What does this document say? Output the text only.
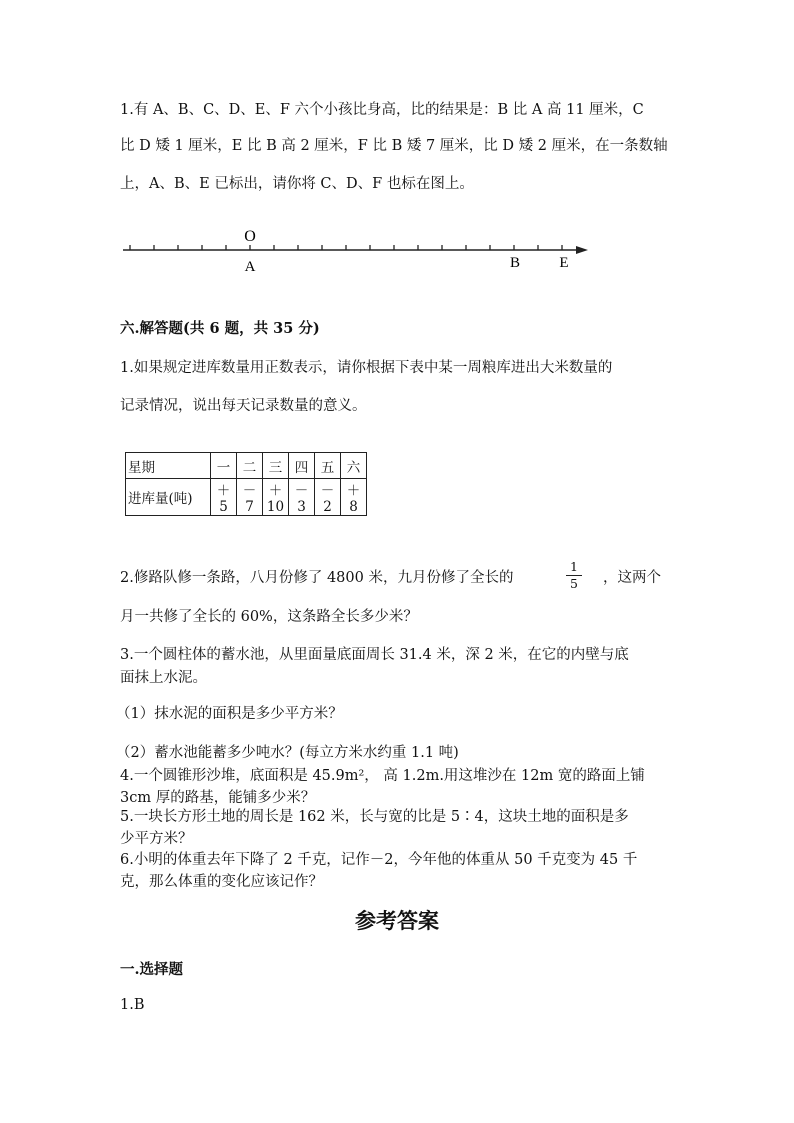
1.有 A、B、C、D、E、F 六个小孩比身高，比的结果是：B 比 A 高 11 厘米，C
比 D 矮 1 厘米，E 比 B 高 2 厘米，F 比 B 矮 7 厘米，比 D 矮 2 厘米，在一条数轴
上，A、B、E 已标出，请你将 C、D、F 也标在图上。
O
A	B	E
六.解答题(共 6 题，共 35 分)
1.如果规定进库数量用正数表示，请你根据下表中某一周粮库进出大米数量的
记录情况，说出每天记录数量的意义。
星期	一	二	三	四	五	六
进库量(吨)	＋5	－7	＋10	－3	－2	＋8
2.修路队修一条路，八月份修了 4800 米，九月份修了全长的
1
5 ，这两个
月一共修了全长的 60%，这条路全长多少米？
3.一个圆柱体的蓄水池，从里面量底面周长 31.4 米，深 2 米，在它的内壁与底
面抹上水泥。
（1）抹水泥的面积是多少平方米？
（2）蓄水池能蓄多少吨水？(每立方米水约重 1.1 吨)
4.一个圆锥形沙堆，底面积是 45.9m²， 高 1.2m.用这堆沙在 12m 宽的路面上铺
3cm 厚的路基，能铺多少米？
5.一块长方形土地的周长是 162 米，长与宽的比是 5∶4，这块土地的面积是多
少平方米？
6.小明的体重去年下降了 2 千克，记作－2，今年他的体重从 50 千克变为 45 千
克，那么体重的变化应该记作？
参考答案
一.选择题
1.B
